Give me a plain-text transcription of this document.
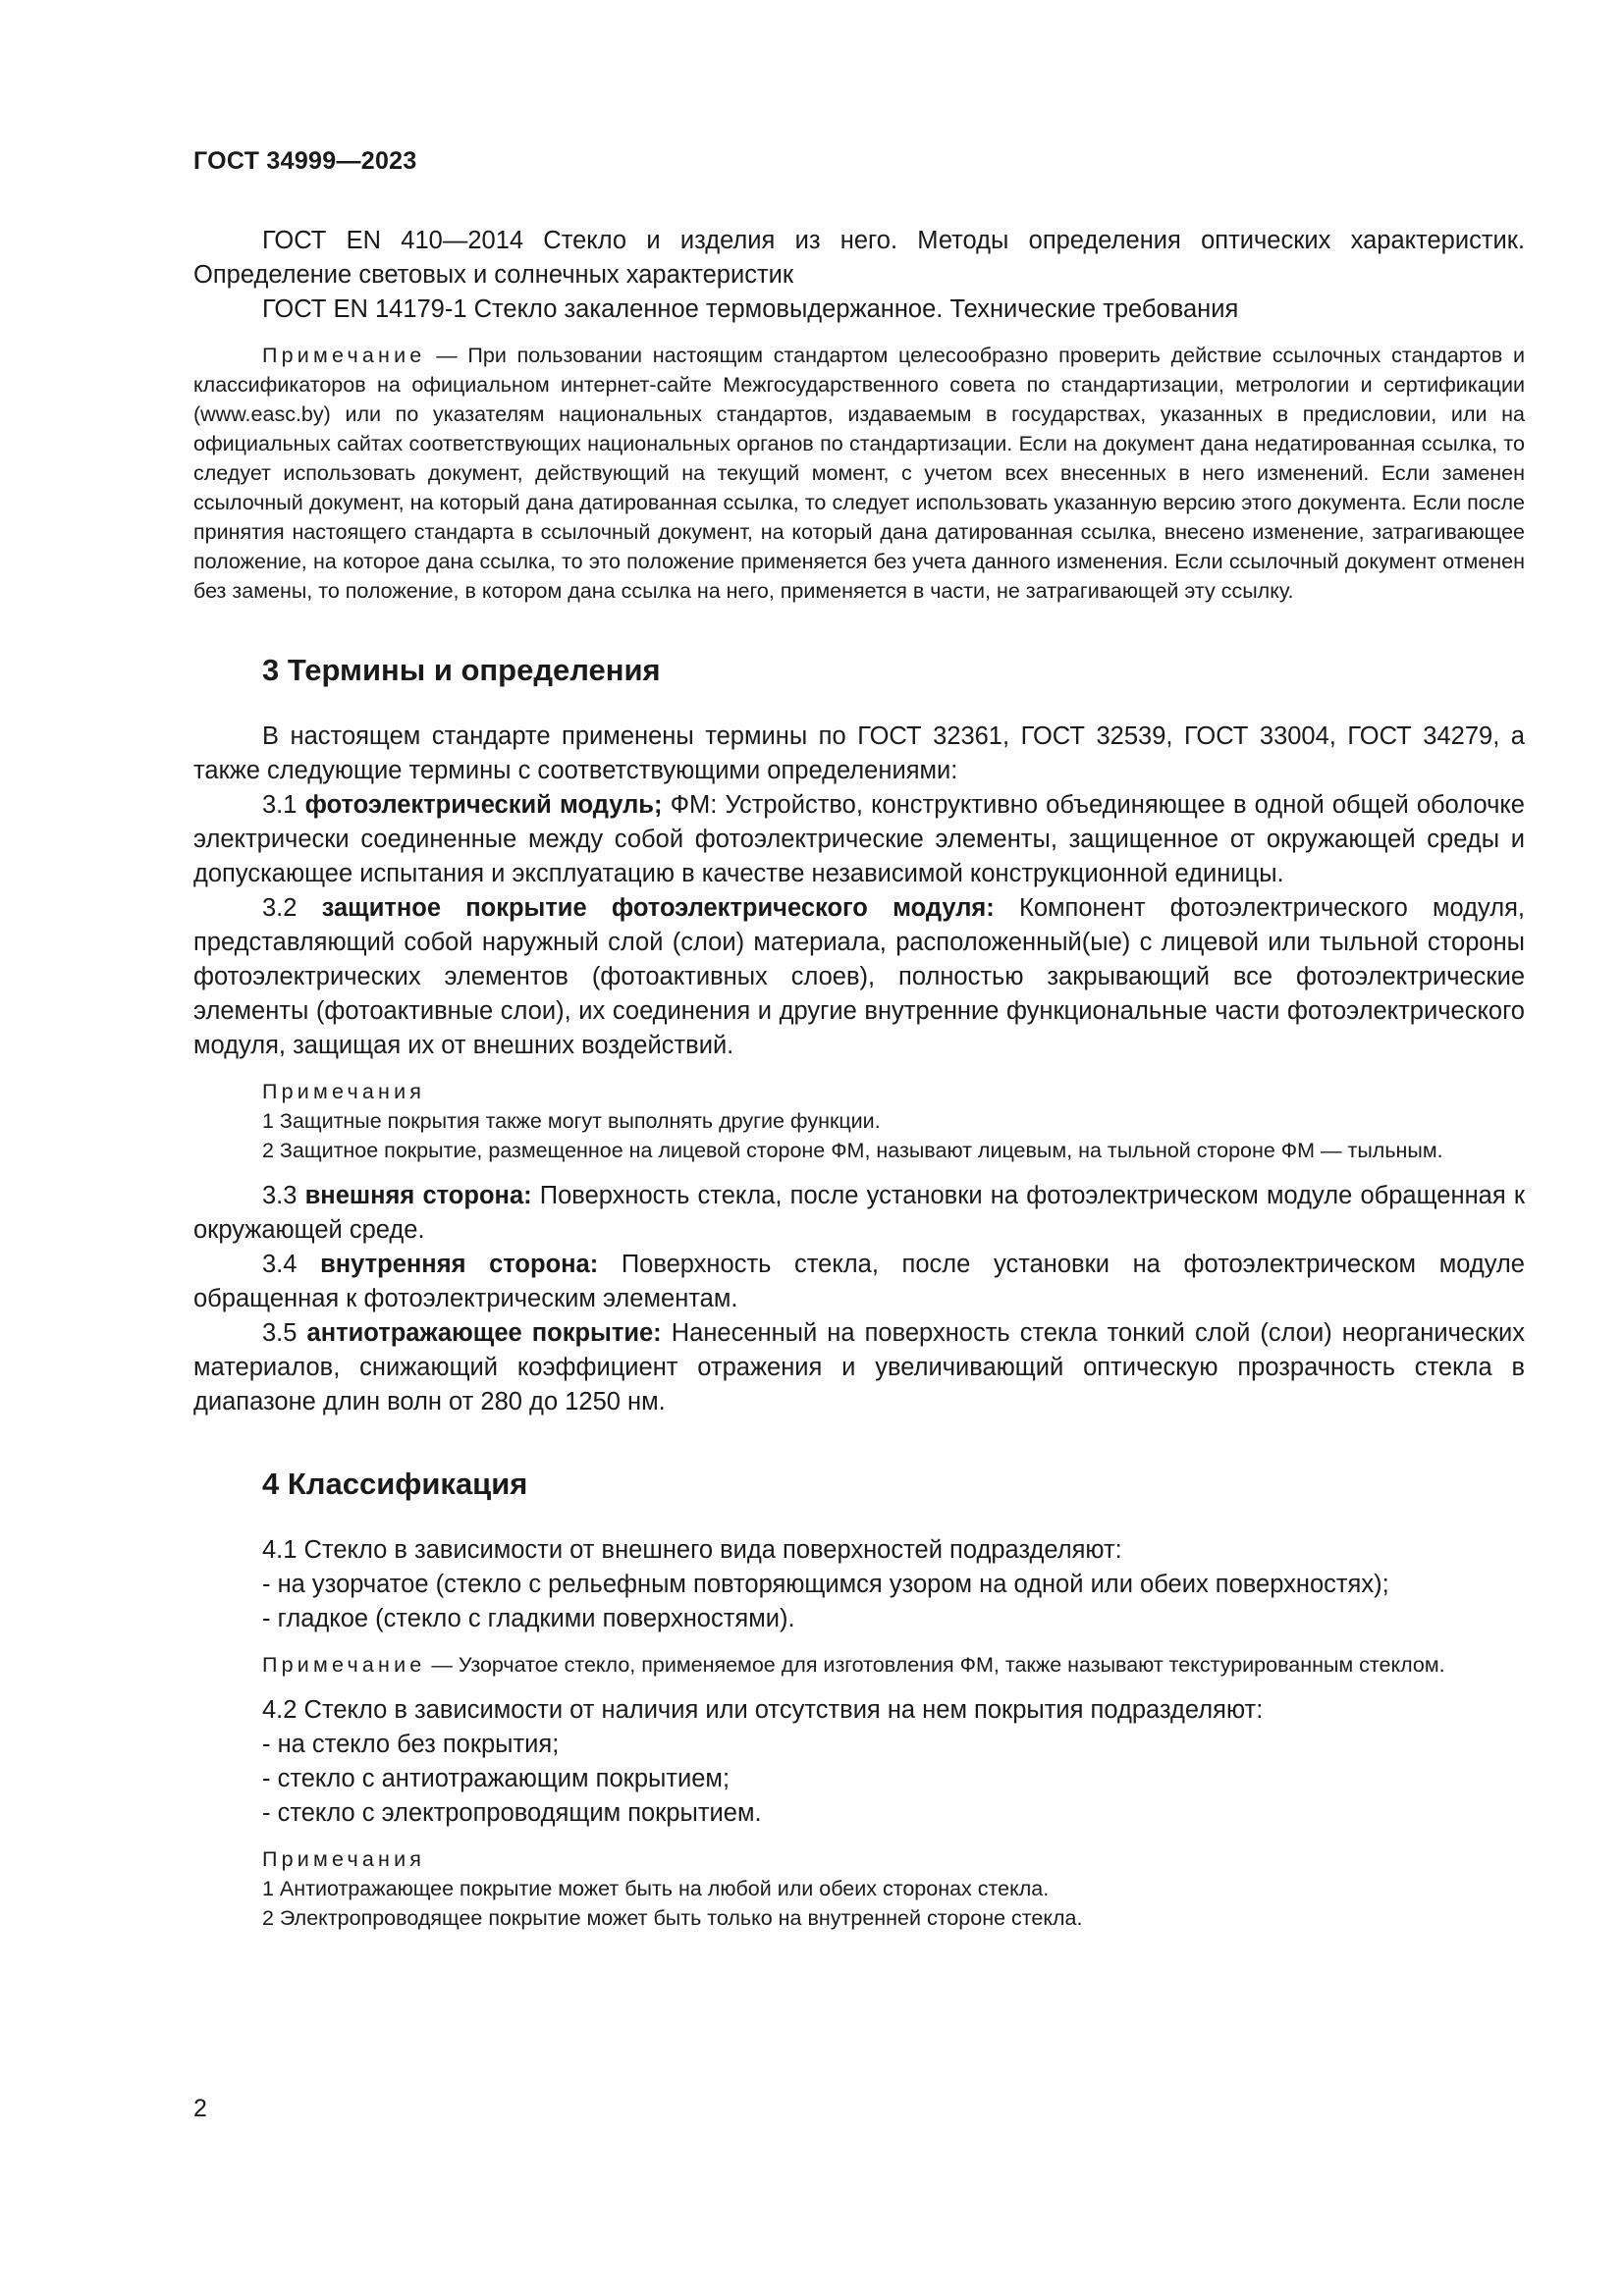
ГОСТ 34999—2023

ГОСТ EN 410—2014 Стекло и изделия из него. Методы определения оптических характеристик. Определение световых и солнечных характеристик

ГОСТ EN 14179-1 Стекло закаленное термовыдержанное. Технические требования

Примечание — При пользовании настоящим стандартом целесообразно проверить действие ссылочных стандартов и классификаторов на официальном интернет-сайте Межгосударственного совета по стандартизации, метрологии и сертификации (www.easc.by) или по указателям национальных стандартов, издаваемым в государствах, указанных в предисловии, или на официальных сайтах соответствующих национальных органов по стандартизации. Если на документ дана недатированная ссылка, то следует использовать документ, действующий на текущий момент, с учетом всех внесенных в него изменений. Если заменен ссылочный документ, на который дана датированная ссылка, то следует использовать указанную версию этого документа. Если после принятия настоящего стандарта в ссылочный документ, на который дана датированная ссылка, внесено изменение, затрагивающее положение, на которое дана ссылка, то это положение применяется без учета данного изменения. Если ссылочный документ отменен без замены, то положение, в котором дана ссылка на него, применяется в части, не затрагивающей эту ссылку.

3 Термины и определения

В настоящем стандарте применены термины по ГОСТ 32361, ГОСТ 32539, ГОСТ 33004, ГОСТ 34279, а также следующие термины с соответствующими определениями:

3.1 фотоэлектрический модуль; ФМ: Устройство, конструктивно объединяющее в одной общей оболочке электрически соединенные между собой фотоэлектрические элементы, защищенное от окружающей среды и допускающее испытания и эксплуатацию в качестве независимой конструкционной единицы.

3.2 защитное покрытие фотоэлектрического модуля: Компонент фотоэлектрического модуля, представляющий собой наружный слой (слои) материала, расположенный(ые) с лицевой или тыльной стороны фотоэлектрических элементов (фотоактивных слоев), полностью закрывающий все фотоэлектрические элементы (фотоактивные слои), их соединения и другие внутренние функциональные части фотоэлектрического модуля, защищая их от внешних воздействий.

Примечания

1 Защитные покрытия также могут выполнять другие функции.

2 Защитное покрытие, размещенное на лицевой стороне ФМ, называют лицевым, на тыльной стороне ФМ — тыльным.

3.3 внешняя сторона: Поверхность стекла, после установки на фотоэлектрическом модуле обращенная к окружающей среде.

3.4 внутренняя сторона: Поверхность стекла, после установки на фотоэлектрическом модуле обращенная к фотоэлектрическим элементам.

3.5 антиотражающее покрытие: Нанесенный на поверхность стекла тонкий слой (слои) неорганических материалов, снижающий коэффициент отражения и увеличивающий оптическую прозрачность стекла в диапазоне длин волн от 280 до 1250 нм.

4 Классификация

4.1 Стекло в зависимости от внешнего вида поверхностей подразделяют:

- на узорчатое (стекло с рельефным повторяющимся узором на одной или обеих поверхностях);

- гладкое (стекло с гладкими поверхностями).

Примечание — Узорчатое стекло, применяемое для изготовления ФМ, также называют текстурированным стеклом.

4.2 Стекло в зависимости от наличия или отсутствия на нем покрытия подразделяют:

- на стекло без покрытия;

- стекло с антиотражающим покрытием;

- стекло с электропроводящим покрытием.

Примечания

1 Антиотражающее покрытие может быть на любой или обеих сторонах стекла.

2 Электропроводящее покрытие может быть только на внутренней стороне стекла.

2
